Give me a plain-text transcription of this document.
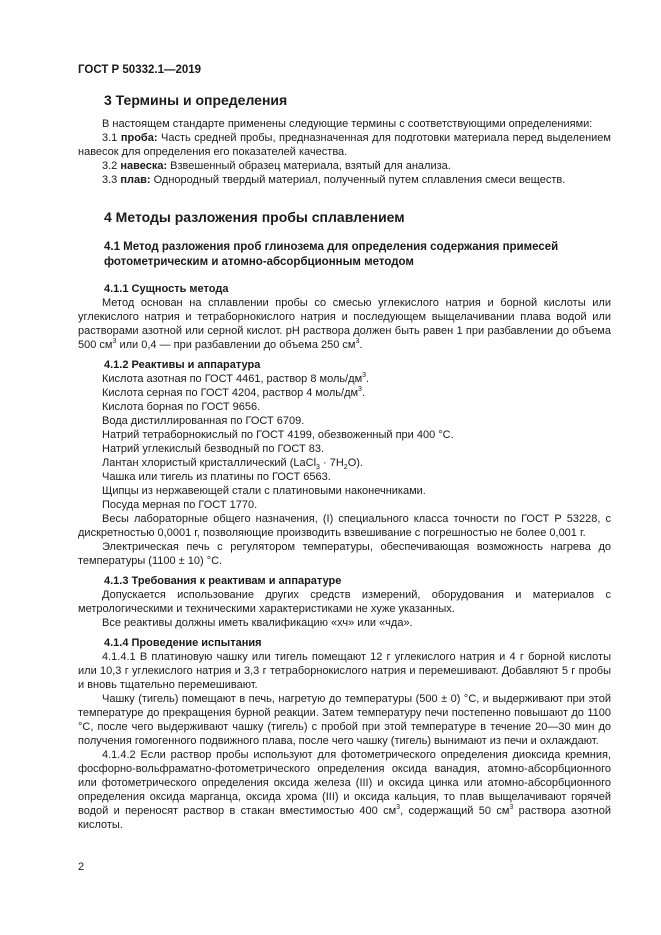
ГОСТ Р 50332.1—2019
3 Термины и определения

В настоящем стандарте применены следующие термины с соответствующими определениями:

3.1 проба: Часть средней пробы, предназначенная для подготовки материала перед выделением навесок для определения его показателей качества.

3.2 навеска: Взвешенный образец материала, взятый для анализа.

3.3 плав: Однородный твердый материал, полученный путем сплавления смеси веществ.

4 Методы разложения пробы сплавлением
4.1 Метод разложения проб глинозема для определения содержания примесей фотометрическим и атомно-абсорбционным методом
4.1.1 Сущность метода

Метод основан на сплавлении пробы со смесью углекислого натрия и борной кислоты или углекислого натрия и тетраборнокислого натрия и последующем выщелачивании плава водой или растворами азотной или серной кислот. pH раствора должен быть равен 1 при разбавлении до объема 500 $см^3$ или 0,4 — при разбавлении до объема 250 $см^3$.

4.1.2 Реактивы и аппаратура

Кислота азотная по ГОСТ 4461, раствор 8 моль/$дм^3$.

Кислота серная по ГОСТ 4204, раствор 4 моль/$дм^3$.

Кислота борная по ГОСТ 9656.

Вода дистиллированная по ГОСТ 6709.

Натрий тетраборнокислый по ГОСТ 4199, обезвоженный при 400 °C.

Натрий углекислый безводный по ГОСТ 83.

Лантан хлористый кристаллический (LaCl$_3$ · $7H_2O$).

Чашка или тигель из платины по ГОСТ 6563.

Щипцы из нержавеющей стали с платиновыми наконечниками.

Посуда мерная по ГОСТ 1770.

Весы лабораторные общего назначения, (I) специального класса точности по ГОСТ Р 53228, с дискретностью 0,0001 г, позволяющие производить взвешивание с погрешностью не более 0,001 г.

Электрическая печь с регулятором температуры, обеспечивающая возможность нагрева до температуры (1100 ± 10) °C.

4.1.3 Требования к реактивам и аппаратуре

Допускается использование других средств измерений, оборудования и материалов с метрологическими и техническими характеристиками не хуже указанных.

Все реактивы должны иметь квалификацию «хч» или «чда».

4.1.4 Проведение испытания

4.1.4.1 В платиновую чашку или тигель помещают 12 г углекислого натрия и 4 г борной кислоты или 10,3 г углекислого натрия и 3,3 г тетраборнокислого натрия и перемешивают. Добавляют 5 г пробы и вновь тщательно перемешивают.

Чашку (тигель) помещают в печь, нагретую до температуры (500 ± 0) °C, и выдерживают при этой температуре до прекращения бурной реакции. Затем температуру печи постепенно повышают до 1100 °C, после чего выдерживают чашку (тигель) с пробой при этой температуре в течение 20—30 мин до получения гомогенного подвижного плава, после чего чашку (тигель) вынимают из печи и охлаждают.

4.1.4.2 Если раствор пробы используют для фотометрического определения диоксида кремния, фосфорно-вольфраматно-фотометрического определения оксида ванадия, атомно-абсорбционного или фотометрического определения оксида железа (III) и оксида цинка или атомно-абсорбционного определения оксида марганца, оксида хрома (III) и оксида кальция, то плав выщелачивают горячей водой и переносят раствор в стакан вместимостью 400 $см^3$, содержащий 50 $см^3$ раствора азотной кислоты.

2
